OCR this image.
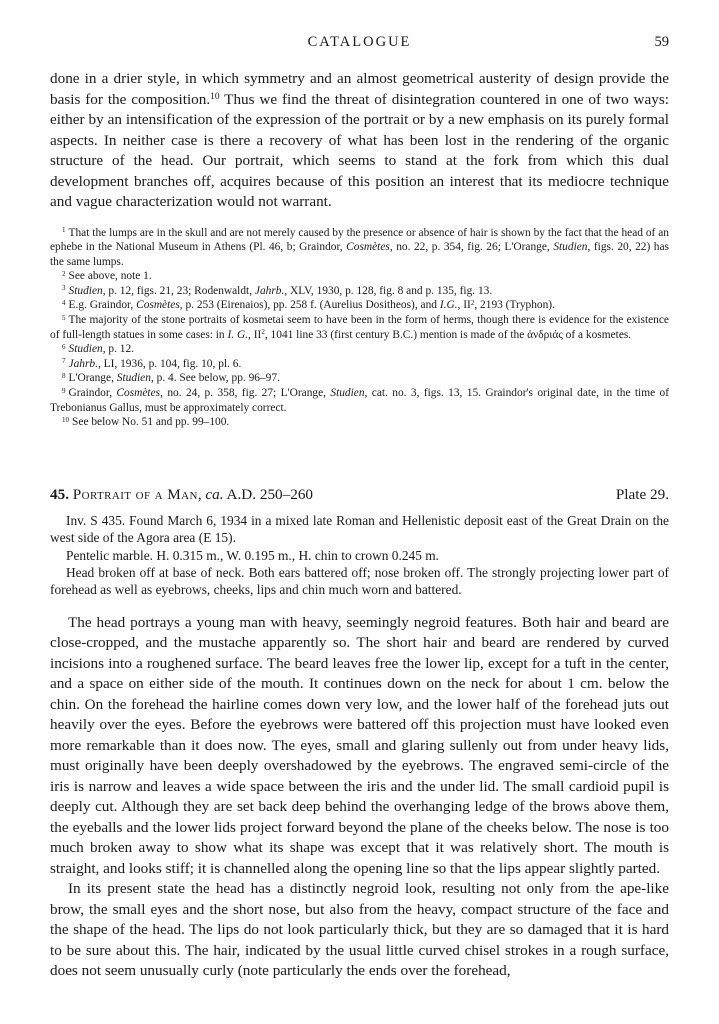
CATALOGUE	59

done in a drier style, in which symmetry and an almost geometrical austerity of design provide the basis for the composition.$^{10}$ Thus we find the threat of disintegration countered in one of two ways: either by an intensification of the expression of the portrait or by a new emphasis on its purely formal aspects. In neither case is there a recovery of what has been lost in the rendering of the organic structure of the head. Our portrait, which seems to stand at the fork from which this dual development branches off, acquires because of this position an interest that its mediocre technique and vague characterization would not warrant.

$^1$ That the lumps are in the skull and are not merely caused by the presence or absence of hair is shown by the fact that the head of an ephebe in the National Museum in Athens (Pl. 46, b; Graindor, Cosmètes, no. 22, p. 354, fig. 26; L'Orange, Studien, figs. 20, 22) has the same lumps.

$^2$ See above, note 1.

$^3$ Studien, p. 12, figs. 21, 23; Rodenwaldt, Jahrb., XLV, 1930, p. 128, fig. 8 and p. 135, fig. 13.

$^4$ E.g. Graindor, Cosmètes, p. 253 (Eirenaios), pp. 258 f. (Aurelius Dositheos), and I.G., $II^2$, 2193 (Tryphon).

$^5$ The majority of the stone portraits of kosmetai seem to have been in the form of herms, though there is evidence for the existence of full-length statues in some cases: in I. G., $II^2$, 1041 line 33 (first century B.C.) mention is made of the ἀνδριάς of a kosmetes.

$^6$ Studien, p. 12.

$^7$ Jahrb., LI, 1936, p. 104, fig. 10, pl. 6.

$^8$ L'Orange, Studien, p. 4. See below, pp. 96–97.

$^9$ Graindor, Cosmètes, no. 24, p. 358, fig. 27; L'Orange, Studien, cat. no. 3, figs. 13, 15. Graindor's original date, in the time of Trebonianus Gallus, must be approximately correct.

$^{10}$ See below No. 51 and pp. 99–100.

45. Portrait of a Man, ca. A.D. 250–260	Plate 29.

Inv. S 435. Found March 6, 1934 in a mixed late Roman and Hellenistic deposit east of the Great Drain on the west side of the Agora area (E 15).

Pentelic marble. H. 0.315 m., W. 0.195 m., H. chin to crown 0.245 m.

Head broken off at base of neck. Both ears battered off; nose broken off. The strongly projecting lower part of forehead as well as eyebrows, cheeks, lips and chin much worn and battered.

The head portrays a young man with heavy, seemingly negroid features. Both hair and beard are close-cropped, and the mustache apparently so. The short hair and beard are rendered by curved incisions into a roughened surface. The beard leaves free the lower lip, except for a tuft in the center, and a space on either side of the mouth. It continues down on the neck for about 1 cm. below the chin. On the forehead the hairline comes down very low, and the lower half of the forehead juts out heavily over the eyes. Before the eyebrows were battered off this projection must have looked even more remarkable than it does now. The eyes, small and glaring sullenly out from under heavy lids, must originally have been deeply overshadowed by the eyebrows. The engraved semi-circle of the iris is narrow and leaves a wide space between the iris and the under lid. The small cardioid pupil is deeply cut. Although they are set back deep behind the overhanging ledge of the brows above them, the eyeballs and the lower lids project forward beyond the plane of the cheeks below. The nose is too much broken away to show what its shape was except that it was relatively short. The mouth is straight, and looks stiff; it is channelled along the opening line so that the lips appear slightly parted.

In its present state the head has a distinctly negroid look, resulting not only from the ape-like brow, the small eyes and the short nose, but also from the heavy, compact structure of the face and the shape of the head. The lips do not look particularly thick, but they are so damaged that it is hard to be sure about this. The hair, indicated by the usual little curved chisel strokes in a rough surface, does not seem unusually curly (note particularly the ends over the forehead,
